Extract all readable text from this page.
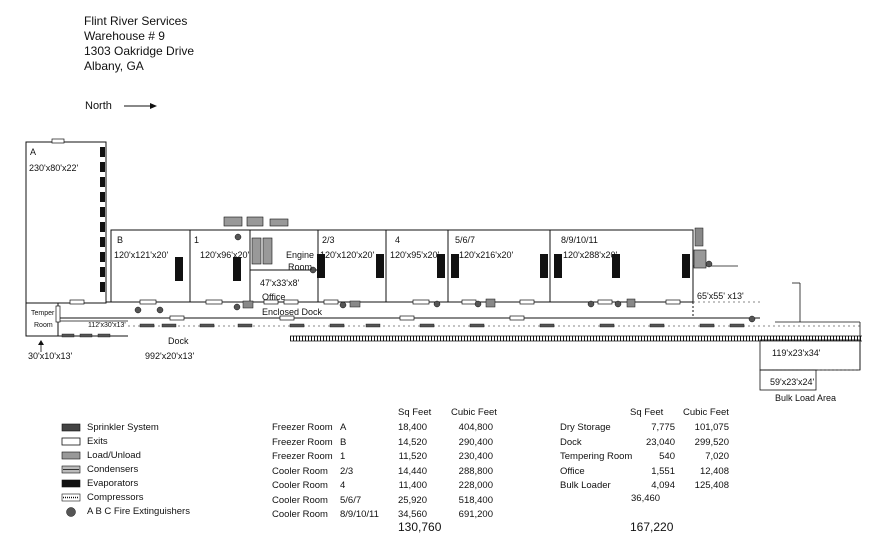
Flint River Services
Warehouse # 9
1303 Oakridge Drive
Albany, GA
North
A
230'x80'x22'
B
120'x121'x20'
1
120'x96'x20'	Engine
Room
47'x33'x8'
Office
2/3
120'x120'x20'
4
120'x95'x20'
5/6/7
120'x216'x20'
8/9/10/11
120'x288'x20'
Enclosed Dock
65'x55' x13'
Temper
Room
30'x10'x13'
112'x30'x13'
Dock
992'x20'x13'	119'x23'x34'
59'x23'x24'
Bulk Load Area
Sprinkler System
Exits
Load/Unload
Condensers
Evaporators
Compressors
A B C Fire Extinguishers
Sq Feet Cubic Feet
Freezer Room A	18,400	404,800
Freezer Room B	14,520	290,400
Freezer Room 1	11,520	230,400
Cooler Room 2/3	14,440	288,800
Cooler Room 4	11,400	228,000
Cooler Room 5/6/7	25,920	518,400
Cooler Room 8/9/10/11	34,560	691,200
130,760
Sq Feet Cubic Feet
Dry Storage	7,775	101,075
Dock	23,040	299,520
Tempering Room	540	7,020
Office	1,551	12,408
Bulk Loader	4,094	125,408
36,460
167,220
